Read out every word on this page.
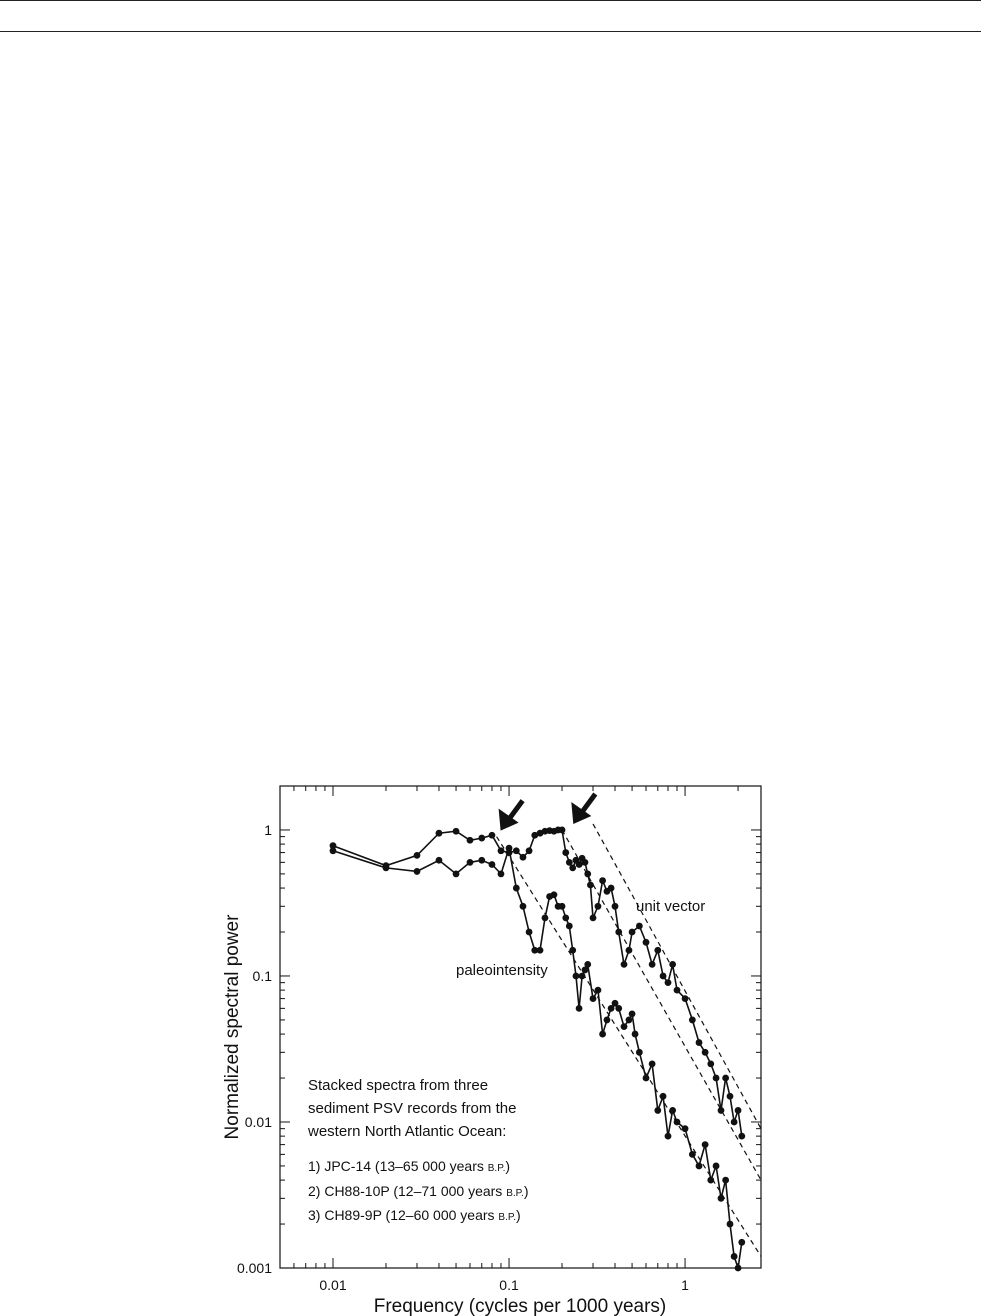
0.01	0.1	1
0.001
0.01
0.1
1
Frequency (cycles per 1000 years)
Normalized spectral power
unit vector
paleointensity
Stacked spectra from three
sediment PSV records from the
western North Atlantic Ocean:
1) JPC-14 (13–65 000 years B.P.)
2) CH88-10P (12–71 000 years B.P.)
3) CH89-9P (12–60 000 years B.P.)
